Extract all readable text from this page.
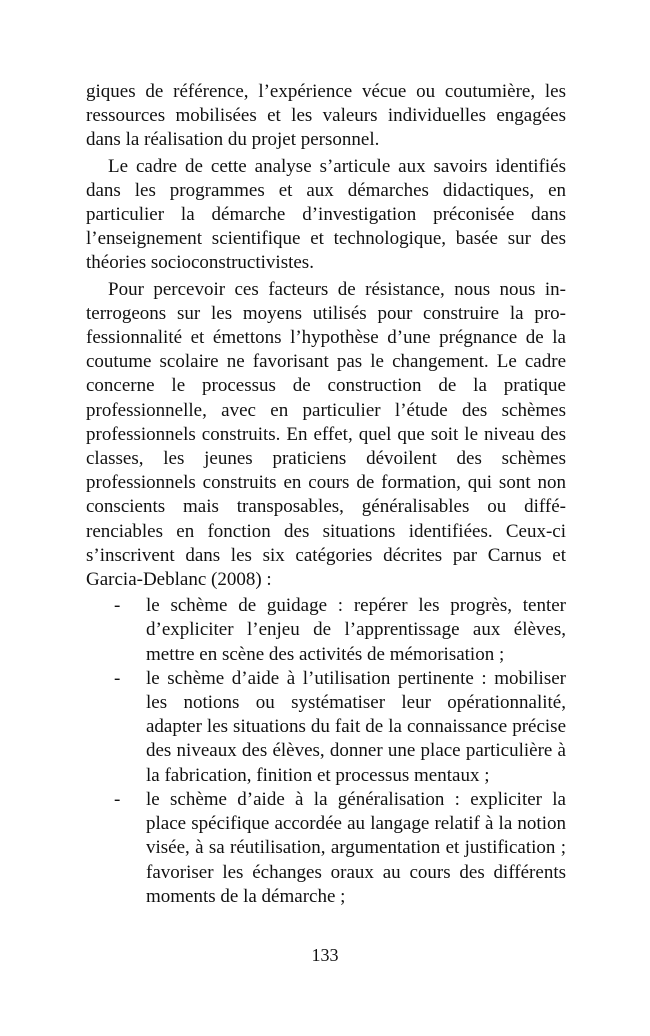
giques de référence, l’expérience vécue ou coutumière, les ressources mobilisées et les valeurs individuelles engagées dans la réalisation du projet personnel.

Le cadre de cette analyse s’articule aux savoirs identifiés dans les programmes et aux démarches didactiques, en particulier la démarche d’investigation préconisée dans l’enseignement scientifique et technologique, basée sur des théories socioconstructivistes.

Pour percevoir ces facteurs de résistance, nous nous interrogeons sur les moyens utilisés pour construire la professionnalité et émettons l’hypothèse d’une prégnance de la coutume scolaire ne favorisant pas le changement. Le cadre concerne le processus de construction de la pratique professionnelle, avec en particulier l’étude des schèmes professionnels construits. En effet, quel que soit le niveau des classes, les jeunes praticiens dévoilent des schèmes professionnels construits en cours de formation, qui sont non conscients mais transposables, généralisables ou différenciables en fonction des situations identifiées. Ceux-ci s’inscrivent dans les six catégories décrites par Carnus et Garcia-Deblanc (2008) :

- le schème de guidage : repérer les progrès, tenter d’expliciter l’enjeu de l’apprentissage aux élèves, mettre en scène des activités de mémorisation ;
- le schème d’aide à l’utilisation pertinente : mobiliser les notions ou systématiser leur opérationnalité, adapter les situations du fait de la connaissance précise des niveaux des élèves, donner une place particulière à la fabrication, finition et processus mentaux ;
- le schème d’aide à la généralisation : expliciter la place spécifique accordée au langage relatif à la notion visée, à sa réutilisation, argumentation et justification ; favoriser les échanges oraux au cours des différents moments de la démarche ;
133
